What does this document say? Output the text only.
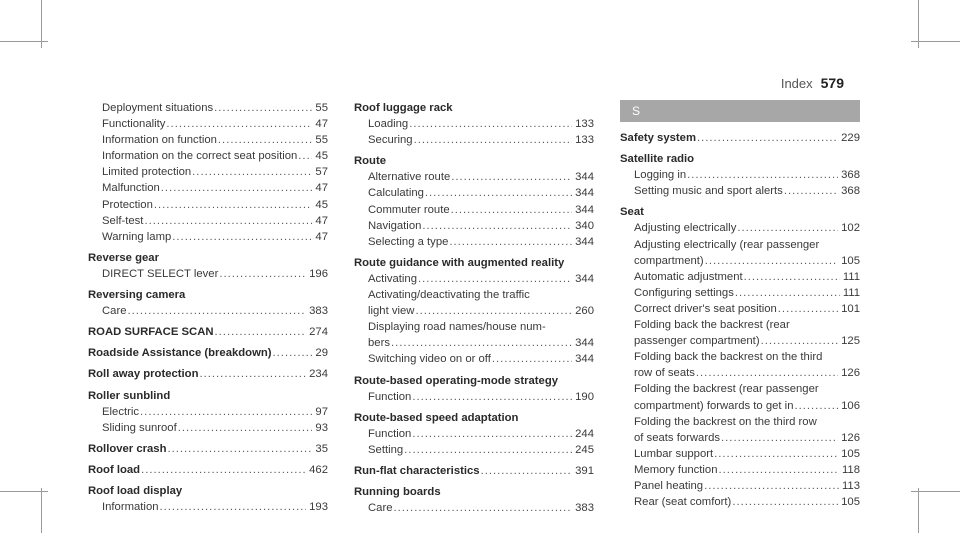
Index 579
Deployment situations .....	55
Functionality .....	47
Information on function .....	55
Information on the correct seat position ..... 45
Limited protection .....	57
Malfunction .....	47
Protection .....	45
Self-test .....	47
Warning lamp .....	47
Reverse gear
DIRECT SELECT lever .....	196
Reversing camera
Care .....	383
ROAD SURFACE SCAN .....	274
Roadside Assistance (breakdown) .....	29
Roll away protection .....	234
Roller sunblind
Electric .....	97
Sliding sunroof .....	93
Rollover crash .....	35
Roof load .....	462
Roof load display
Information .....	193
Roof luggage rack
Loading .....	133
Securing .....	133
Route
Alternative route .....	344
Calculating .....	344
Commuter route .....	344
Navigation .....	340
Selecting a type .....	344
Route guidance with augmented reality
Activating .....	344
Activating/deactivating the traffic
light view .....	260
Displaying road names/house num-
bers .....	344
Switching video on or off .....	344
Route-based operating-mode strategy
Function .....	190
Route-based speed adaptation
Function .....	244
Setting .....	245
Run-flat characteristics .....	391
Running boards
Care .....	383
S
Safety system .....	229
Satellite radio
Logging in .....	368
Setting music and sport alerts .....	368
Seat
Adjusting electrically .....	102
Adjusting electrically (rear passenger
compartment) .....	105
Automatic adjustment .....	111
Configuring settings .....	111
Correct driver's seat position .....	101
Folding back the backrest (rear
passenger compartment) .....	125
Folding back the backrest on the third
row of seats .....	126
Folding the backrest (rear passenger
compartment) forwards to get in .....	106
Folding the backrest on the third row
of seats forwards .....	126
Lumbar support .....	105
Memory function .....	118
Panel heating .....	113
Rear (seat comfort) .....	105
